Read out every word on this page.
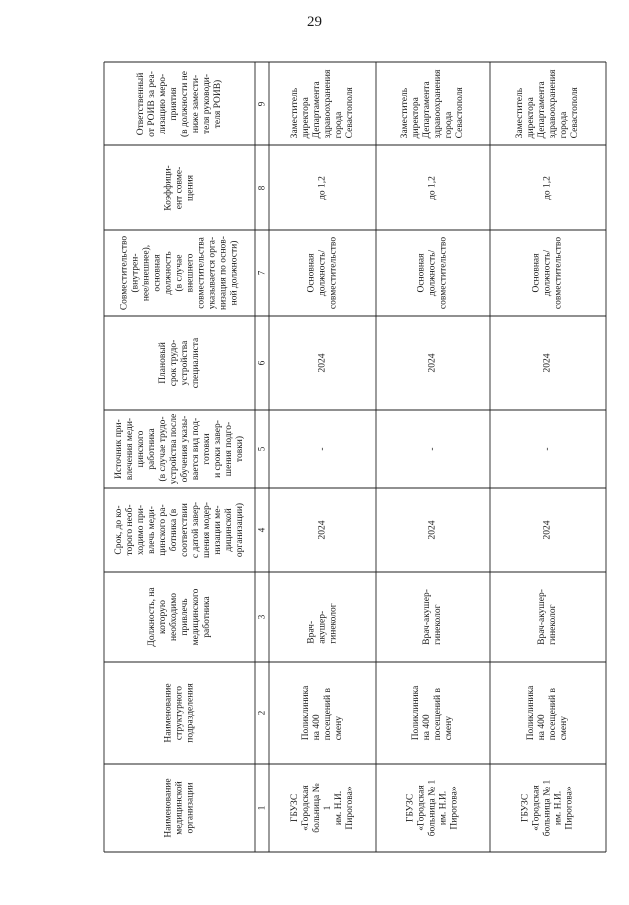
29
Наименование
медицинской
организации
Наименование
структурного
подразделения
Должность, на
которую
необходимо
привлечь
медицинского
работника
Срок, до ко-
торого необ-
ходимо при-
влечь меди-
цинского ра-
ботника (в
соответствии
с датой завер-
шения модер-
низации ме-
дицинской
организации)
Источник при-
влечения меди-
цинского
работника
(в случае трудо-
устройства после
обучения указы-
вается вид под-
готовки
и сроки завер-
шения подго-
товки)
Плановый
срок трудо-
устройства
специалиста
Совместительство
(внутрен-
нее/внешнее),
основная
должность
(в случае
внешнего
совместительства
указывается орга-
низация по основ-
ной должности)
Коэффици-
ент совме-
щения
Ответственный
от РОИВ за реа-
лизацию меро-
приятия
(в должности не
ниже замести-
теля руководи-
теля РОИВ)
1
2
3
4
5
6
7
8
9
ГБУЗС «Городская
больница № 1
им. Н.И. Пирогова»
Поликлиника
на 400
посещений в
смену
Врач-акушер-
гинеколог
2024
-
2024
Основная
должность/
совместительство
до 1,2
Заместитель
директора
Департамента
здравоохранения
города
Севастополя
ГБУЗС «Городская
больница № 1
им. Н.И. Пирогова»
Поликлиника
на 400
посещений в
смену
Врач-акушер-
гинеколог
2024
-
2024
Основная
должность/
совместительство
до 1,2
Заместитель
директора
Департамента
здравоохранения
города
Севастополя
ГБУЗС «Городская
больница № 1
им. Н.И. Пирогова»
Поликлиника
на 400
посещений в
смену
Врач-акушер-
гинеколог
2024
-
2024
Основная
должность/
совместительство
до 1,2
Заместитель
директора
Департамента
здравоохранения
города
Севастополя
